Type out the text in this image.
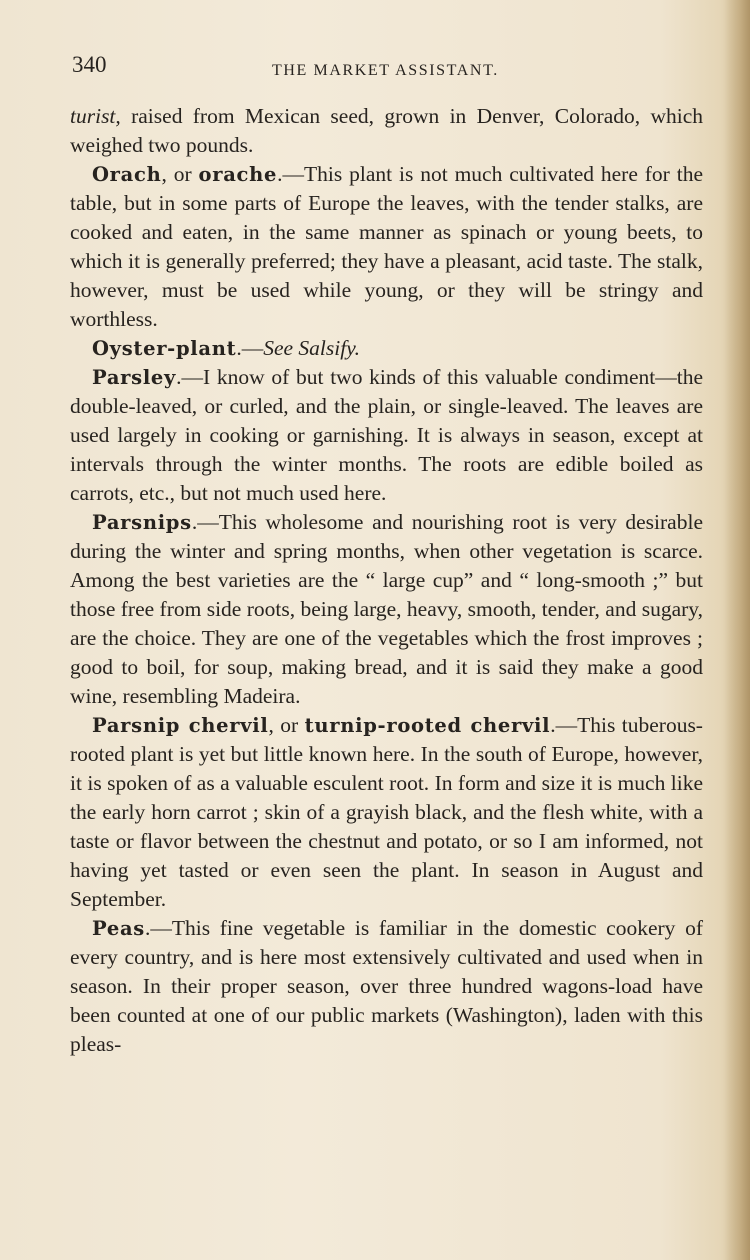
340	THE MARKET ASSISTANT.

turist, raised from Mexican seed, grown in Denver, Colorado, which weighed two pounds.

Orach, or orache.—This plant is not much cultivated here for the table, but in some parts of Europe the leaves, with the tender stalks, are cooked and eaten, in the same manner as spinach or young beets, to which it is generally preferred; they have a pleasant, acid taste. The stalk, however, must be used while young, or they will be stringy and worthless.

Oyster-plant.—See Salsify.

Parsley.—I know of but two kinds of this valuable condiment—the double-leaved, or curled, and the plain, or single-leaved. The leaves are used largely in cooking or garnishing. It is always in season, except at intervals through the winter months. The roots are edible boiled as carrots, etc., but not much used here.

Parsnips.—This wholesome and nourishing root is very desirable during the winter and spring months, when other vegetation is scarce. Among the best varieties are the “ large cup” and “ long-smooth ;” but those free from side roots, being large, heavy, smooth, tender, and sugary, are the choice. They are one of the vegetables which the frost improves ; good to boil, for soup, making bread, and it is said they make a good wine, resembling Madeira.

Parsnip chervil, or turnip-rooted chervil.—This tuberous-rooted plant is yet but little known here. In the south of Europe, however, it is spoken of as a valuable esculent root. In form and size it is much like the early horn carrot ; skin of a grayish black, and the flesh white, with a taste or flavor between the chestnut and potato, or so I am informed, not having yet tasted or even seen the plant. In season in August and September.

Peas.—This fine vegetable is familiar in the domestic cookery of every country, and is here most extensively cultivated and used when in season. In their proper season, over three hundred wagons-load have been counted at one of our public markets (Washington), laden with this pleas-
